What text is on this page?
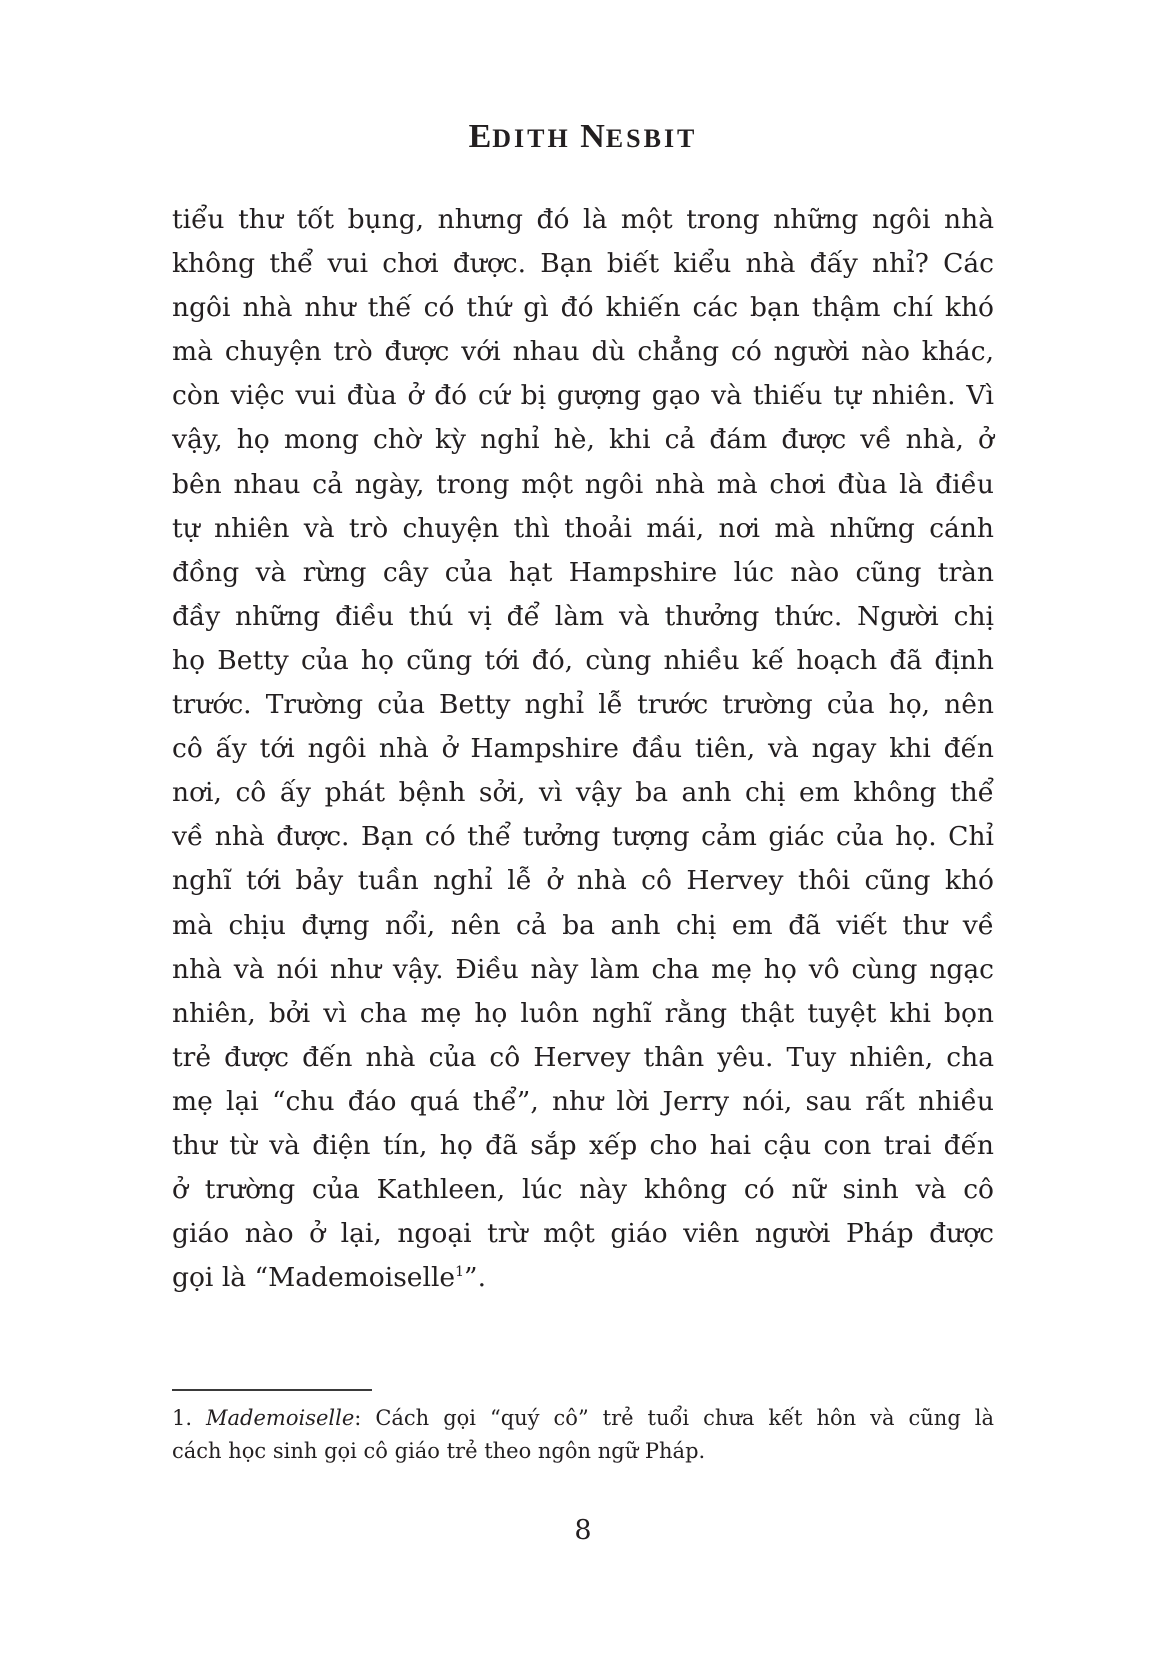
EDITH NESBIT
tiểu thư tốt bụng, nhưng đó là một trong những ngôi nhà
không thể vui chơi được. Bạn biết kiểu nhà đấy nhỉ? Các
ngôi nhà như thế có thứ gì đó khiến các bạn thậm chí khó
mà chuyện trò được với nhau dù chẳng có người nào khác,
còn việc vui đùa ở đó cứ bị gượng gạo và thiếu tự nhiên. Vì
vậy, họ mong chờ kỳ nghỉ hè, khi cả đám được về nhà, ở
bên nhau cả ngày, trong một ngôi nhà mà chơi đùa là điều
tự nhiên và trò chuyện thì thoải mái, nơi mà những cánh
đồng và rừng cây của hạt Hampshire lúc nào cũng tràn
đầy những điều thú vị để làm và thưởng thức. Người chị
họ Betty của họ cũng tới đó, cùng nhiều kế hoạch đã định
trước. Trường của Betty nghỉ lễ trước trường của họ, nên
cô ấy tới ngôi nhà ở Hampshire đầu tiên, và ngay khi đến
nơi, cô ấy phát bệnh sởi, vì vậy ba anh chị em không thể
về nhà được. Bạn có thể tưởng tượng cảm giác của họ. Chỉ
nghĩ tới bảy tuần nghỉ lễ ở nhà cô Hervey thôi cũng khó
mà chịu đựng nổi, nên cả ba anh chị em đã viết thư về
nhà và nói như vậy. Điều này làm cha mẹ họ vô cùng ngạc
nhiên, bởi vì cha mẹ họ luôn nghĩ rằng thật tuyệt khi bọn
trẻ được đến nhà của cô Hervey thân yêu. Tuy nhiên, cha
mẹ lại “chu đáo quá thể”, như lời Jerry nói, sau rất nhiều
thư từ và điện tín, họ đã sắp xếp cho hai cậu con trai đến
ở trường của Kathleen, lúc này không có nữ sinh và cô
giáo nào ở lại, ngoại trừ một giáo viên người Pháp được
gọi là “Mademoiselle$^1$”.
1. Mademoiselle: Cách gọi “quý cô” trẻ tuổi chưa kết hôn và cũng là
cách học sinh gọi cô giáo trẻ theo ngôn ngữ Pháp.
8
